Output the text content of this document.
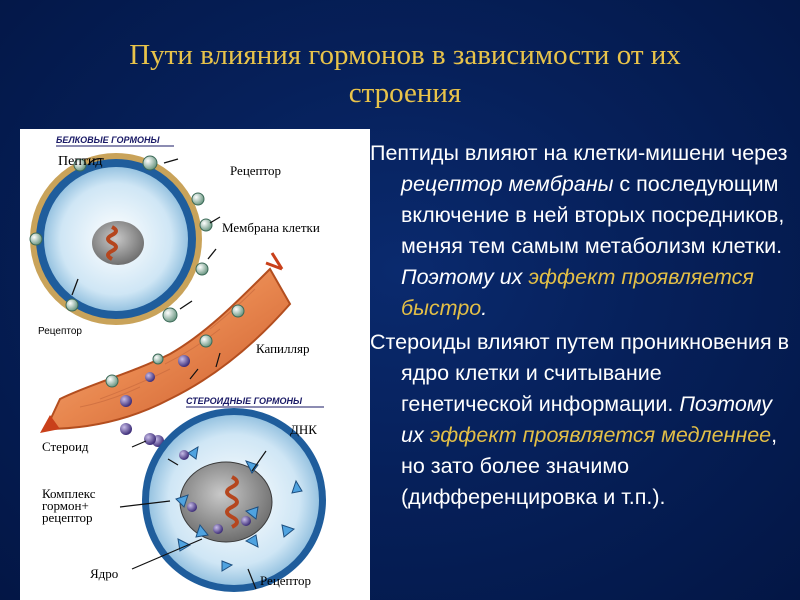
Пути влияния гормонов в зависимости от их
строения
БЕЛКОВЫЕ ГОРМОНЫ
Пептид
Рецептор
Мембрана клетки
Рецептор
Капилляр
СТЕРОИДНЫЕ ГОРМОНЫ
Стероид
ДНК
Комплекс
гормон+
рецептор
Ядро	Рецептор

Пептиды влияют на клетки-мишени через рецептор мембраны с последующим включение в ней вторых посредников, меняя тем самым метаболизм клетки. Поэтому их эффект проявляется быстро.

Стероиды влияют путем проникновения в ядро клетки и считывание генетической информации. Поэтому их эффект проявляется медленнее, но зато более значимо (дифференцировка и т.п.).
